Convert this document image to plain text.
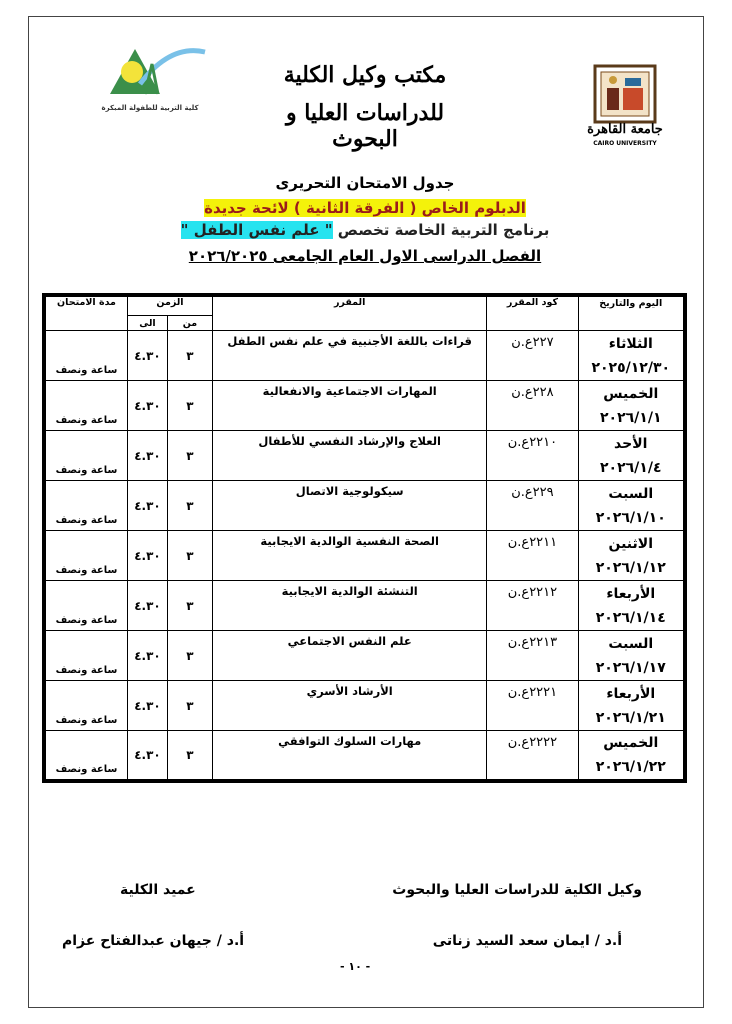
جامعة القاهرة
CAIRO UNIVERSITY
كلية التربية للطفولة المبكرة
مكتب وكيل الكلية
للدراسات العليا و البحوث
جدول الامتحان التحريرى
الدبلوم الخاص ( الفرقة الثانية ) لائحة جديدة
برنامج التربية الخاصة تخصص " علم نفس الطفل "
الفصل الدراسى الاول العام الجامعى ٢٠٢٦/٢٠٢٥
اليوم والتاريخ	كود المقرر	المقرر	الزمن		مدة الامتحان
			من	الى	

الثلاثاء
٢٠٢٥/١٢/٣٠	٢٢٧ع.ن	قراءات باللغة الأجنبية في علم نفس الطفل	٣	٤.٣٠	ساعة ونصف

الخميس
٢٠٢٦/١/١	٢٢٨ع.ن	المهارات الاجتماعية والانفعالية	٣	٤.٣٠	ساعة ونصف

الأحد
٢٠٢٦/١/٤	٢٢١٠ع.ن	العلاج والإرشاد النفسي للأطفال	٣	٤.٣٠	ساعة ونصف

السبت
٢٠٢٦/١/١٠	٢٢٩ع.ن	سيكولوجية الاتصال	٣	٤.٣٠	ساعة ونصف

الاثنين
٢٠٢٦/١/١٢	٢٢١١ع.ن	الصحة النفسية الوالدية الايجابية	٣	٤.٣٠	ساعة ونصف

الأربعاء
٢٠٢٦/١/١٤	٢٢١٢ع.ن	التنشئة الوالدية الايجابية	٣	٤.٣٠	ساعة ونصف

السبت
٢٠٢٦/١/١٧	٢٢١٣ع.ن	علم النفس الاجتماعي	٣	٤.٣٠	ساعة ونصف

الأربعاء
٢٠٢٦/١/٢١	٢٢٢١ع.ن	الأرشاد الأسري	٣	٤.٣٠	ساعة ونصف

الخميس
٢٠٢٦/١/٢٢	٢٢٢٢ع.ن	مهارات السلوك التوافقي	٣	٤.٣٠	ساعة ونصف
وكيل الكلية للدراسات العليا والبحوث
أ.د / ايمان سعد السيد زناتى
عميد الكلية
أ.د / جيهان عبدالفتاح عزام
- ١٠ -
